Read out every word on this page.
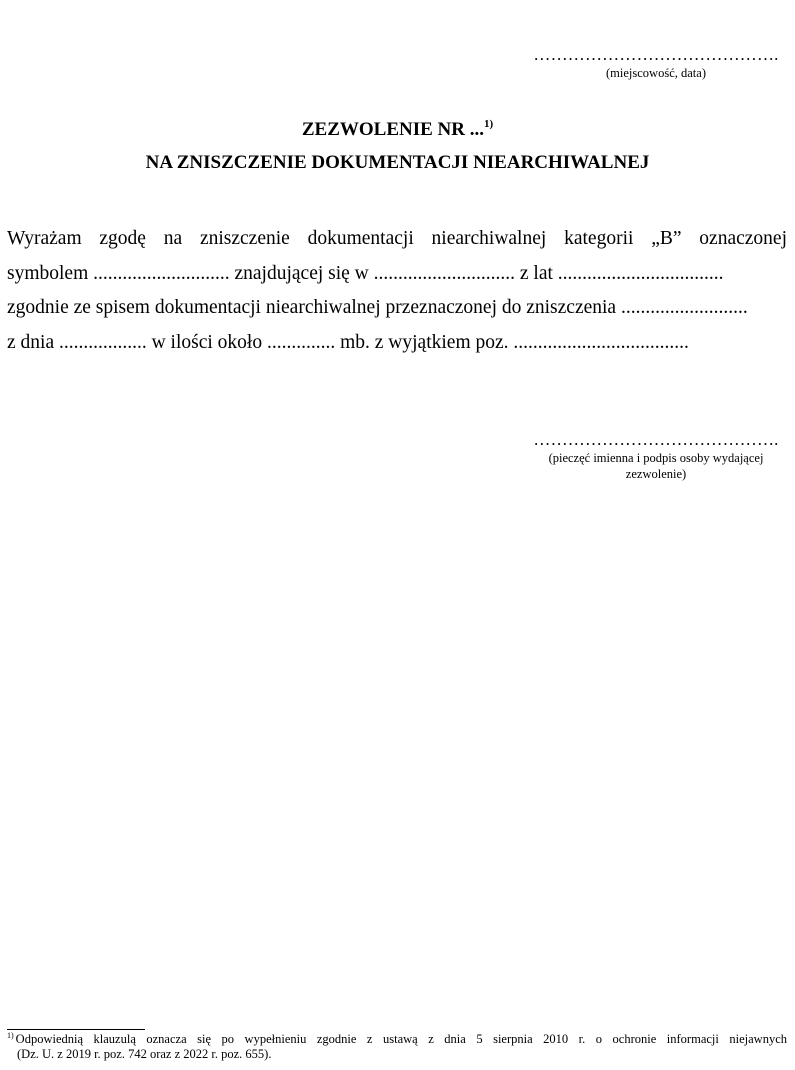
…………………………………….
(miejscowość, data)
ZEZWOLENIE NR ...$^{1)}$
NA ZNISZCZENIE DOKUMENTACJI NIEARCHIWALNEJ
Wyrażam zgodę na zniszczenie dokumentacji niearchiwalnej kategorii „B” oznaczonej
symbolem ............................ znajdującej się w ............................. z lat ..................................
zgodnie ze spisem dokumentacji niearchiwalnej przeznaczonej do zniszczenia ..........................
z dnia .................. w ilości około .............. mb. z wyjątkiem poz. ....................................
…………………………………….
(pieczęć imienna i podpis osoby wydającej
zezwolenie)
$^{1)}$ Odpowiednią klauzulą oznacza się po wypełnieniu zgodnie z ustawą z dnia 5 sierpnia 2010 r. o ochronie informacji niejawnych
(Dz. U. z 2019 r. poz. 742 oraz z 2022 r. poz. 655).
